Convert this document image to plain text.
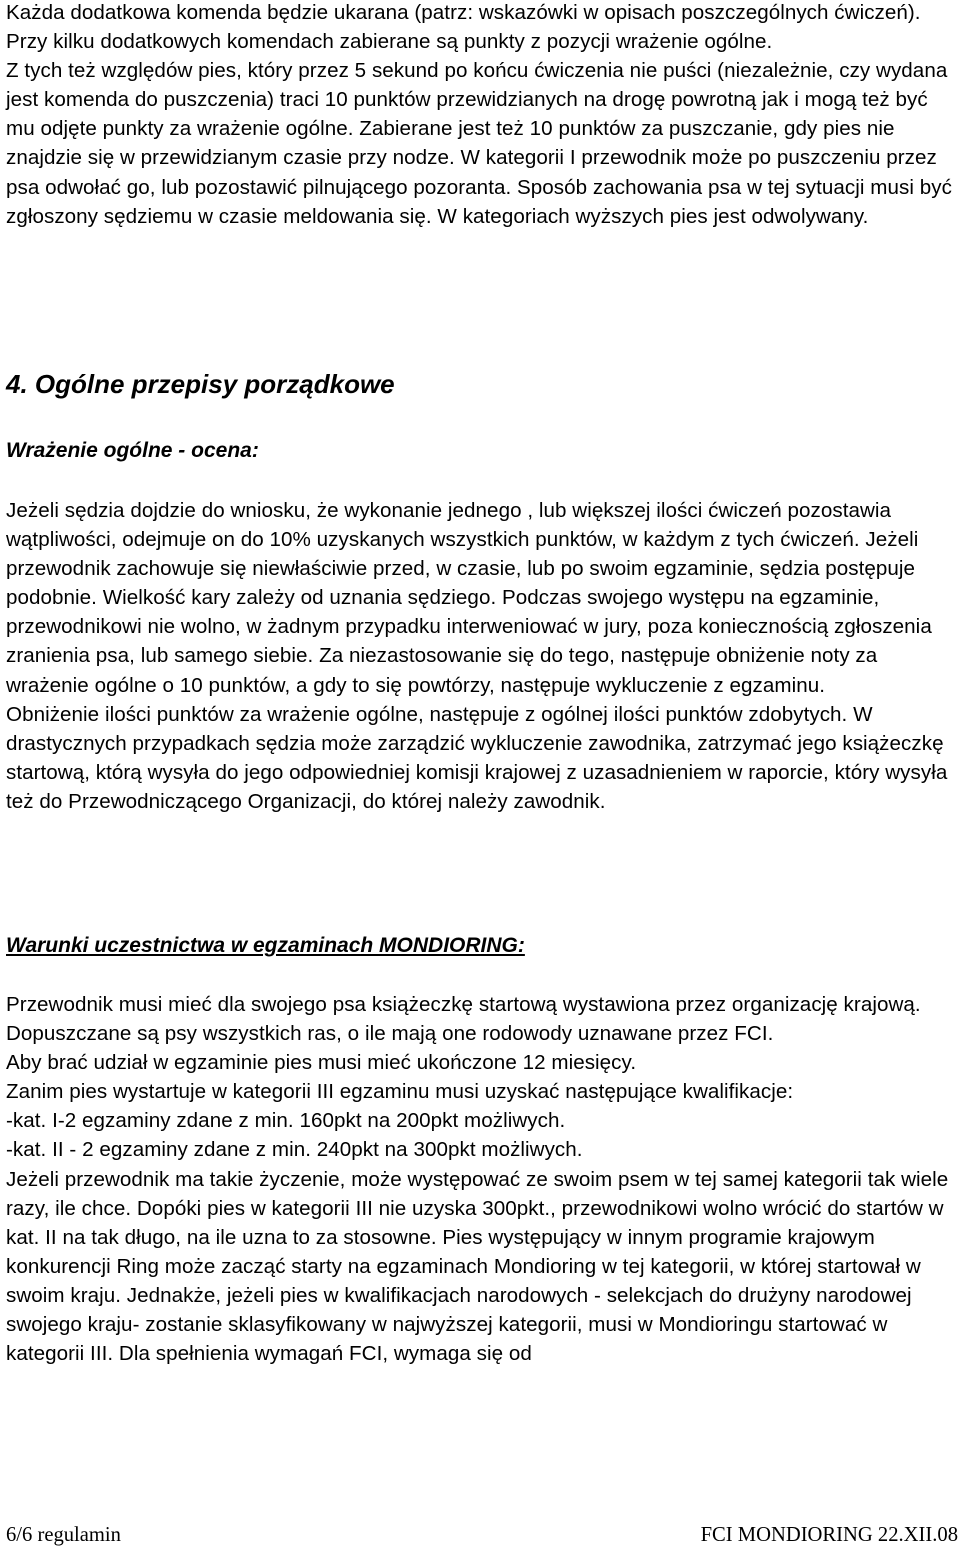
Każda dodatkowa komenda będzie ukarana (patrz: wskazówki w opisach poszczególnych ćwiczeń). Przy kilku dodatkowych komendach zabierane są punkty z pozycji wrażenie ogólne.

Z tych też względów pies, który przez 5 sekund po końcu ćwiczenia nie puści (niezależnie, czy wydana jest komenda do puszczenia) traci 10 punktów przewidzianych na drogę powrotną jak i mogą też być mu odjęte punkty za wrażenie ogólne. Zabierane jest też 10 punktów za puszczanie, gdy pies nie znajdzie się w przewidzianym czasie przy nodze. W kategorii I przewodnik może po puszczeniu przez psa odwołać go, lub pozostawić pilnującego pozoranta. Sposób zachowania psa w tej sytuacji musi być zgłoszony sędziemu w czasie meldowania się. W kategoriach wyższych pies jest odwolywany.

4. Ogólne przepisy porządkowe
Wrażenie ogólne - ocena:

Jeżeli sędzia dojdzie do wniosku, że wykonanie jednego , lub większej ilości ćwiczeń pozostawia wątpliwości, odejmuje on do 10% uzyskanych wszystkich punktów, w każdym z tych ćwiczeń. Jeżeli przewodnik zachowuje się niewłaściwie przed, w czasie, lub po swoim egzaminie, sędzia postępuje podobnie. Wielkość kary zależy od uznania sędziego. Podczas swojego występu na egzaminie, przewodnikowi nie wolno, w żadnym przypadku interweniować w jury, poza koniecznością zgłoszenia zranienia psa, lub samego siebie. Za niezastosowanie się do tego, następuje obniżenie noty za wrażenie ogólne o 10 punktów, a gdy to się powtórzy, następuje wykluczenie z egzaminu.

Obniżenie ilości punktów za wrażenie ogólne, następuje z ogólnej ilości punktów zdobytych. W drastycznych przypadkach sędzia może zarządzić wykluczenie zawodnika, zatrzymać jego książeczkę startową, którą wysyła do jego odpowiedniej komisji krajowej z uzasadnieniem w raporcie, który wysyła też do Przewodniczącego Organizacji, do której należy zawodnik.

Warunki uczestnictwa w egzaminach MONDIORING:

Przewodnik musi mieć dla swojego psa książeczkę startową wystawiona przez organizację krajową. Dopuszczane są psy wszystkich ras, o ile mają one rodowody uznawane przez FCI.

Aby brać udział w egzaminie pies musi mieć ukończone 12 miesięcy.

Zanim pies wystartuje w kategorii III egzaminu musi uzyskać następujące kwalifikacje:

-kat. I-2 egzaminy zdane z min. 160pkt na 200pkt możliwych.

-kat. II - 2 egzaminy zdane z min. 240pkt na 300pkt możliwych.

Jeżeli przewodnik ma takie życzenie, może występować ze swoim psem w tej samej kategorii tak wiele razy, ile chce. Dopóki pies w kategorii III nie uzyska 300pkt., przewodnikowi wolno wrócić do startów w kat. II na tak długo, na ile uzna to za stosowne. Pies występujący w innym programie krajowym konkurencji Ring może zacząć starty na egzaminach Mondioring w tej kategorii, w której startował w swoim kraju. Jednakże, jeżeli pies w kwalifikacjach narodowych - selekcjach do drużyny narodowej swojego kraju- zostanie sklasyfikowany w najwyższej kategorii, musi w Mondioringu startować w kategorii III. Dla spełnienia wymagań FCI, wymaga się od

6/6 regulamin	FCI MONDIORING 22.XII.08
